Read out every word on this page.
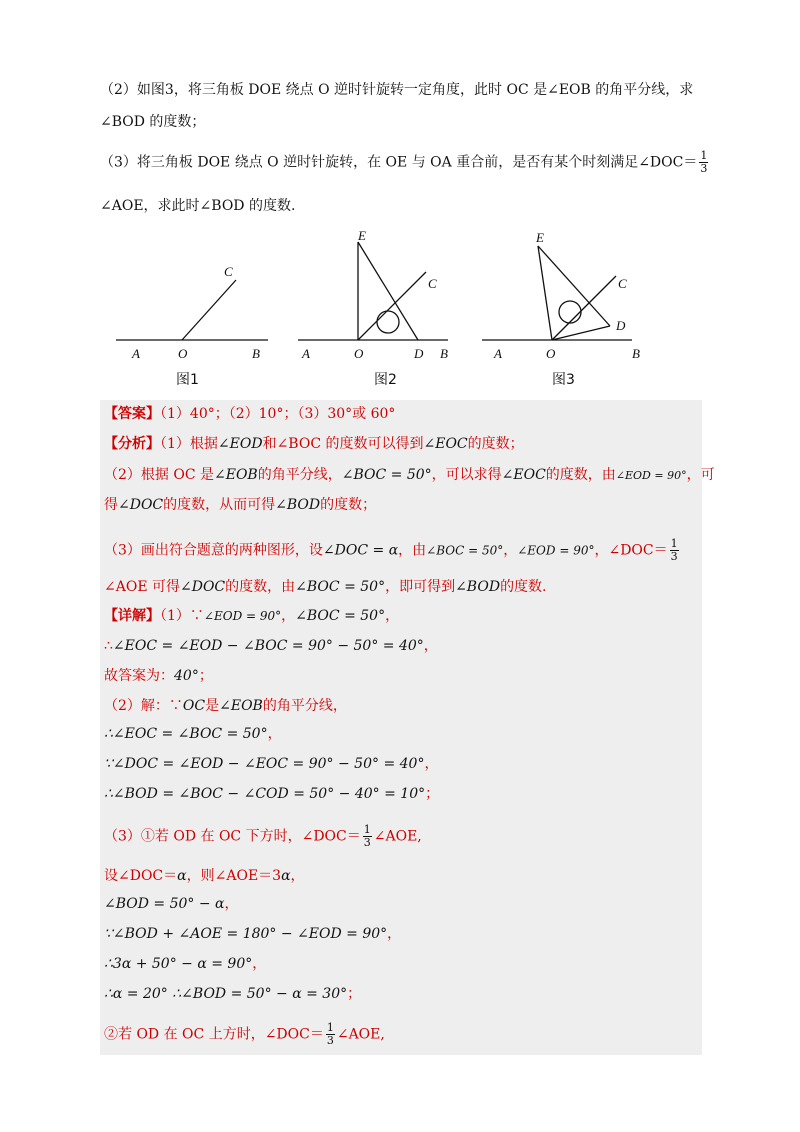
（2）如图3，将三角板 DOE 绕点 O 逆时针旋转一定角度，此时 OC 是∠EOB 的角平分线，求
∠BOD 的度数；
（3）将三角板 DOE 绕点 O 逆时针旋转，在 OE 与 OA 重合前，是否有某个时刻满足∠DOC＝ $\frac{1}{3}$
∠AOE，求此时∠BOD 的度数.
A	O	B
C
A	O	D B
E
C
A	O	B
E
C
D
图1	图2	图3
【答案】（1）40°；（2）10°；（3）30°或 60°
【分析】（1）根据∠EOD和∠BOC 的度数可以得到∠EOC的度数；
（2）根据 OC 是∠EOB的角平分线，∠BOC = 50°，可以求得∠EOC的度数，由∠EOD = 90°，可
得∠DOC的度数，从而可得∠BOD的度数；
（3）画出符合题意的两种图形，设∠DOC = α，由∠BOC = 50°，∠EOD = 90°，∠DOC＝ $\frac{1}{3}$
∠AOE 可得∠DOC的度数，由∠BOC = 50°，即可得到∠BOD的度数.
【详解】（1）∵∠EOD = 90°，∠BOC = 50°，
∴∠EOC = ∠EOD − ∠BOC = 90° − 50° = 40°，
故答案为：40°；
（2）解：∵OC是∠EOB的角平分线，
∴∠EOC = ∠BOC = 50°，
∵∠DOC = ∠EOD − ∠EOC = 90° − 50° = 40°，
∴∠BOD = ∠BOC − ∠COD = 50° − 40° = 10°；
（3）①若 OD 在 OC 下方时，∠DOC＝ $\frac{1}{3}$ ∠AOE,
设∠DOC＝α，则∠AOE＝3α，
∠BOD = 50° − α，
∵∠BOD + ∠AOE = 180° − ∠EOD = 90°，
∴3α + 50° − α = 90°，
∴α = 20° ∴∠BOD = 50° − α = 30°；
②若 OD 在 OC 上方时，∠DOC＝ $\frac{1}{3}$ ∠AOE,
